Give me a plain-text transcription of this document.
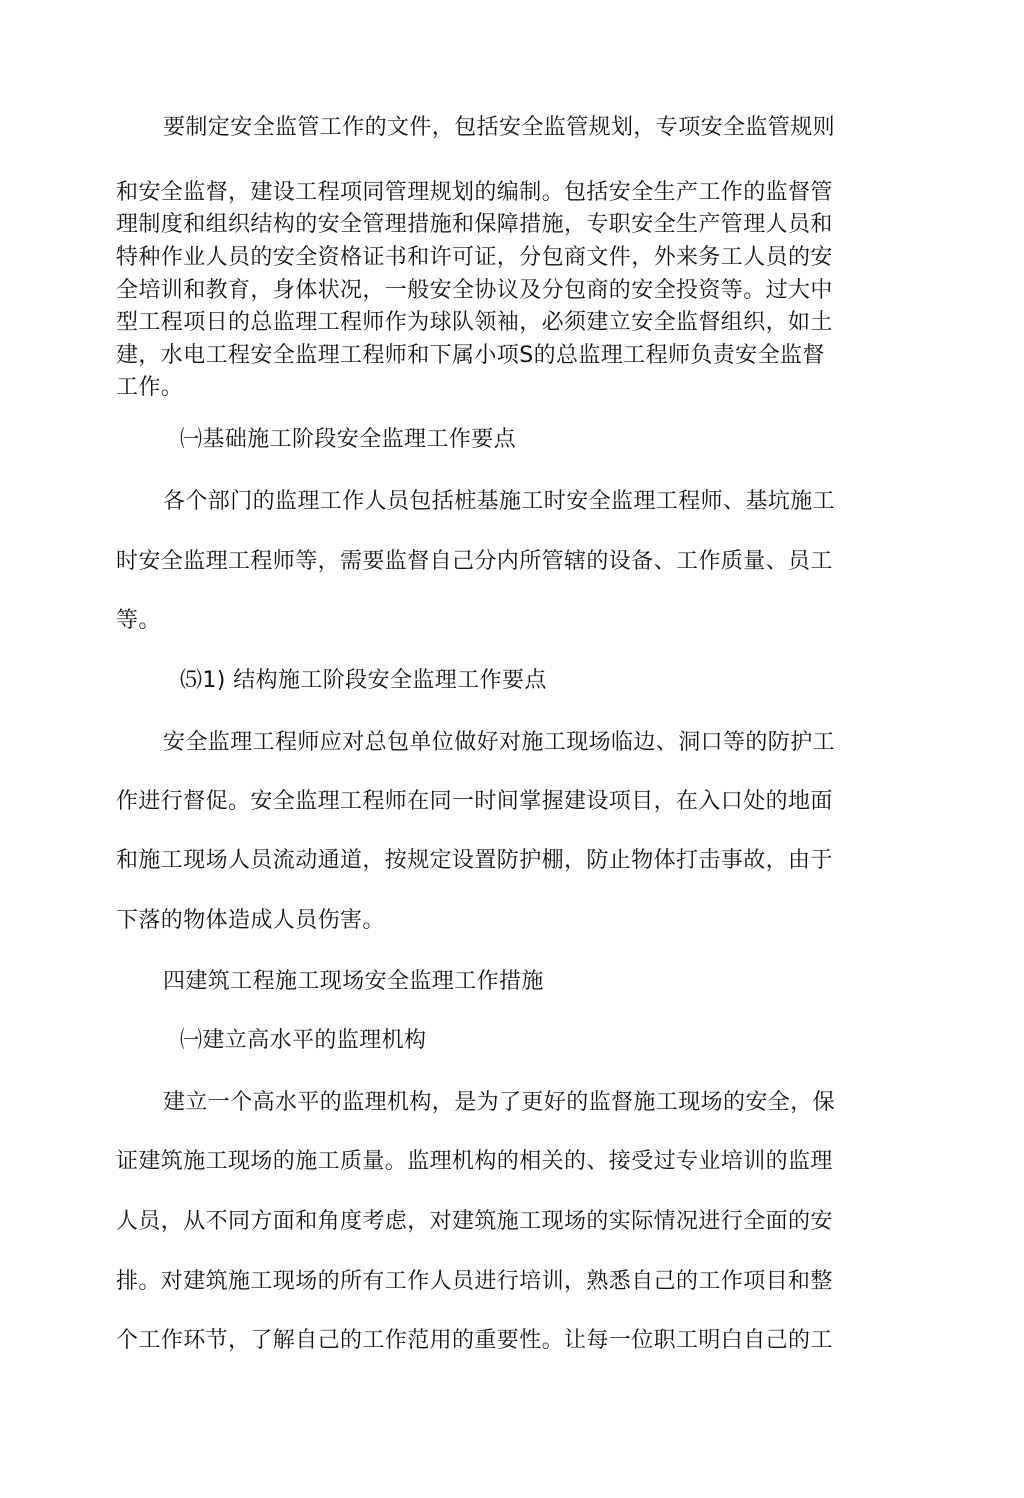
要制定安全监管工作的文件，包括安全监管规划，专项安全监管规则
和安全监督，建设工程项同管理规划的编制。包括安全生产工作的监督管
理制度和组织结构的安全管理措施和保障措施，专职安全生产管理人员和
特种作业人员的安全资格证书和许可证，分包商文件，外来务工人员的安
全培训和教育，身体状况，一般安全协议及分包商的安全投资等。过大中
型工程项日的总监理工程师作为球队领袖，必须建立安全监督组织，如土
建，水电工程安全监理工程师和下属小项S的总监理工程师负责安全监督
工作。
㈠基础施工阶段安全监理工作要点
各个部门的监理工作人员包括桩基施工时安全监理工程师、基坑施工
时安全监理工程师等，需要监督自己分内所管辖的设备、工作质量、员工
等。
⑸1) 结构施工阶段安全监理工作要点
安全监理工程师应对总包单位做好对施工现场临边、洞口等的防护工
作进行督促。安全监理工程师在同一时间掌握建设项目，在入口处的地面
和施工现场人员流动通道，按规定设置防护棚，防止物体打击事故，由于
下落的物体造成人员伤害。
四建筑工程施工现场安全监理工作措施
㈠建立高水平的监理机构
建立一个高水平的监理机构，是为了更好的监督施工现场的安全，保
证建筑施工现场的施工质量。监理机构的相关的、接受过专业培训的监理
人员，从不同方面和角度考虑，对建筑施工现场的实际情况进行全面的安
排。对建筑施工现场的所有工作人员进行培训，熟悉自己的工作项目和整
个工作环节，了解自己的工作范用的重要性。让每一位职工明白自己的工
